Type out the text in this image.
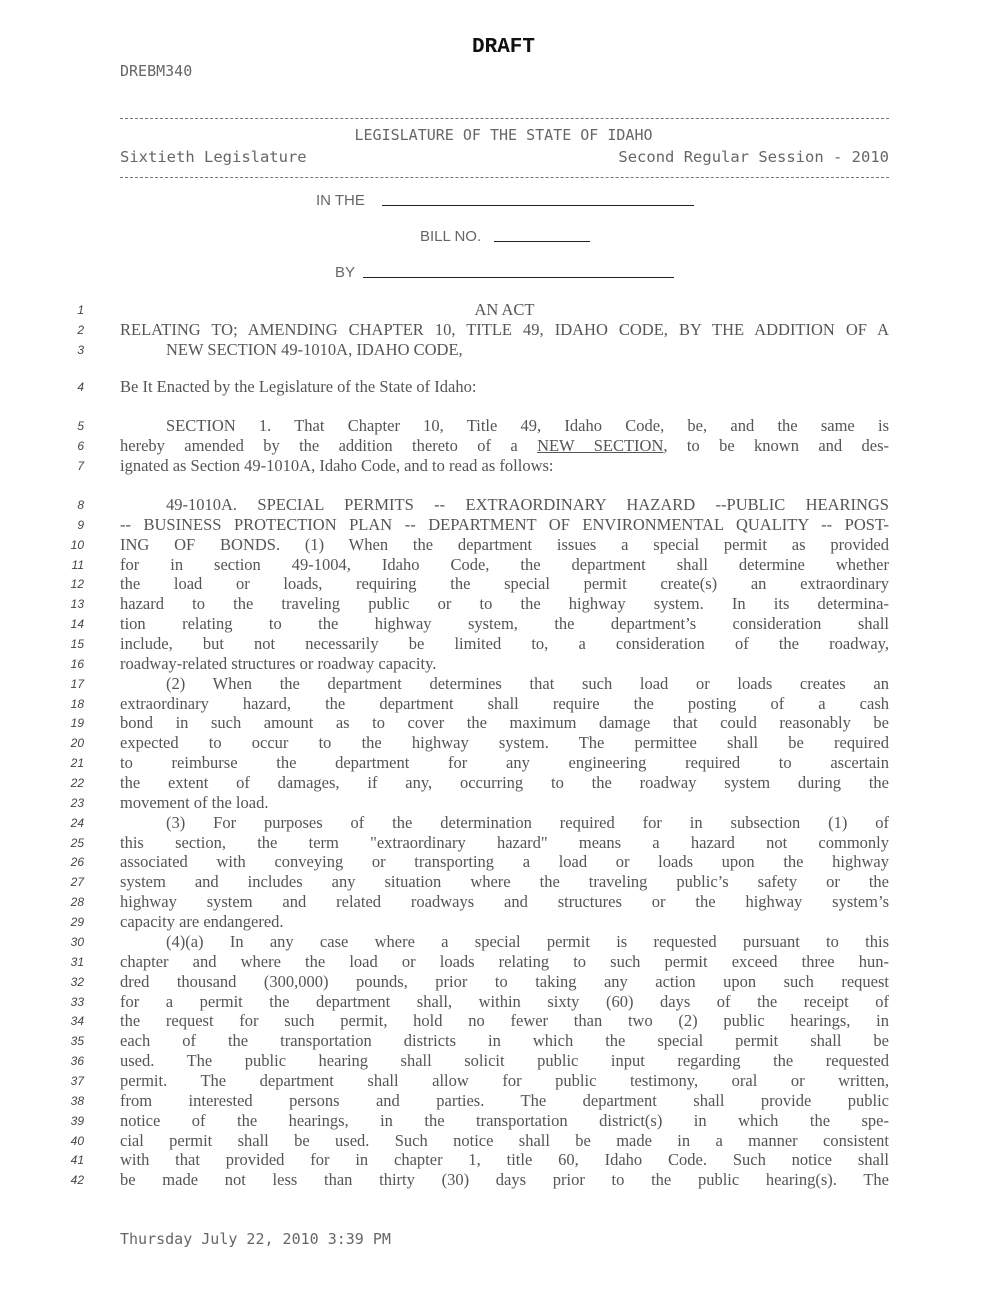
DRAFT
DREBM340
LEGISLATURE OF THE STATE OF IDAHO
Sixtieth Legislature	Second Regular Session - 2010
IN THE
BILL NO.
BY
1	AN ACT
2 RELATING TO; AMENDING CHAPTER 10, TITLE 49, IDAHO CODE, BY THE ADDITION OF A
3	NEW SECTION 49-1010A, IDAHO CODE,
4 Be It Enacted by the Legislature of the State of Idaho:
5	SECTION 1. That Chapter 10, Title 49, Idaho Code, be, and the same is
6 hereby amended by the addition thereto of a NEW SECTION, to be known and des-
7 ignated as Section 49-1010A, Idaho Code, and to read as follows:
8	49-1010A. SPECIAL PERMITS -- EXTRAORDINARY HAZARD --PUBLIC HEARINGS
9 -- BUSINESS PROTECTION PLAN -- DEPARTMENT OF ENVIRONMENTAL QUALITY -- POST-
10 ING OF BONDS. (1) When the department issues a special permit as provided
11 for in section 49-1004, Idaho Code, the department shall determine whether
12 the load or loads, requiring the special permit create(s) an extraordinary
13 hazard to the traveling public or to the highway system. In its determina-
14 tion relating to the highway system, the department’s consideration shall
15 include, but not necessarily be limited to, a consideration of the roadway,
16 roadway-related structures or roadway capacity.
17	(2) When the department determines that such load or loads creates an
18 extraordinary hazard, the department shall require the posting of a cash
19 bond in such amount as to cover the maximum damage that could reasonably be
20 expected to occur to the highway system. The permittee shall be required
21 to reimburse the department for any engineering required to ascertain
22 the extent of damages, if any, occurring to the roadway system during the
23 movement of the load.
24	(3) For purposes of the determination required for in subsection (1) of
25 this section, the term "extraordinary hazard" means a hazard not commonly
26 associated with conveying or transporting a load or loads upon the highway
27 system and includes any situation where the traveling public’s safety or the
28 highway system and related roadways and structures or the highway system’s
29 capacity are endangered.
30	(4)(a) In any case where a special permit is requested pursuant to this
31 chapter and where the load or loads relating to such permit exceed three hun-
32 dred thousand (300,000) pounds, prior to taking any action upon such request
33 for a permit the department shall, within sixty (60) days of the receipt of
34 the request for such permit, hold no fewer than two (2) public hearings, in
35 each of the transportation districts in which the special permit shall be
36 used. The public hearing shall solicit public input regarding the requested
37 permit. The department shall allow for public testimony, oral or written,
38 from interested persons and parties. The department shall provide public
39 notice of the hearings, in the transportation district(s) in which the spe-
40 cial permit shall be used. Such notice shall be made in a manner consistent
41 with that provided for in chapter 1, title 60, Idaho Code. Such notice shall
42 be made not less than thirty (30) days prior to the public hearing(s). The
Thursday July 22, 2010 3:39 PM
